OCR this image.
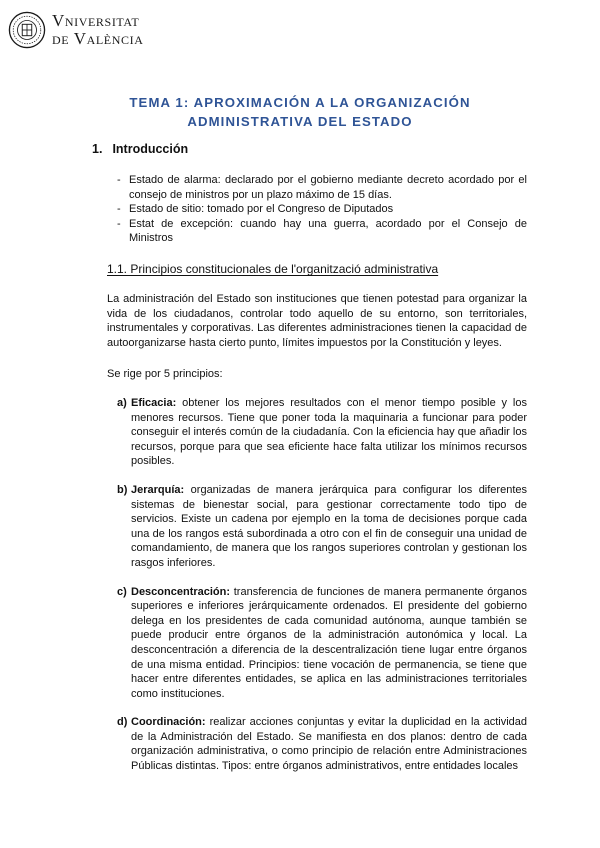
Vniversitat
de València
TEMA 1: APROXIMACIÓN A LA ORGANIZACIÓN
ADMINISTRATIVA DEL ESTADO
1. Introducción
- Estado de alarma: declarado por el gobierno mediante decreto acordado por el consejo de ministros por un plazo máximo de 15 días.
- Estado de sitio: tomado por el Congreso de Diputados
- Estat de excepción: cuando hay una guerra, acordado por el Consejo de Ministros
1.1. Principios constitucionales de l'organització administrativa
La administración del Estado son instituciones que tienen potestad para organizar la vida de los ciudadanos, controlar todo aquello de su entorno, son territoriales, instrumentales y corporativas. Las diferentes administraciones tienen la capacidad de autoorganizarse hasta cierto punto, límites impuestos por la Constitución y leyes.
Se rige por 5 principios:
a) Eficacia: obtener los mejores resultados con el menor tiempo posible y los menores recursos. Tiene que poner toda la maquinaria a funcionar para poder conseguir el interés común de la ciudadanía. Con la eficiencia hay que añadir los recursos, porque para que sea eficiente hace falta utilizar los mínimos recursos posibles.
b) Jerarquía: organizadas de manera jerárquica para configurar los diferentes sistemas de bienestar social, para gestionar correctamente todo tipo de servicios. Existe un cadena por ejemplo en la toma de decisiones porque cada una de los rangos está subordinada a otro con el fin de conseguir una unidad de comandamiento, de manera que los rangos superiores controlan y gestionan los rasgos inferiores.
c) Desconcentración: transferencia de funciones de manera permanente órganos superiores e inferiores jerárquicamente ordenados. El presidente del gobierno delega en los presidentes de cada comunidad autónoma, aunque también se puede producir entre órganos de la administración autonómica y local. La desconcentración a diferencia de la descentralización tiene lugar entre órganos de una misma entidad. Principios: tiene vocación de permanencia, se tiene que hacer entre diferentes entidades, se aplica en las administraciones territoriales como instituciones.
d) Coordinación: realizar acciones conjuntas y evitar la duplicidad en la actividad de la Administración del Estado. Se manifiesta en dos planos: dentro de cada organización administrativa, o como principio de relación entre Administraciones Públicas distintas. Tipos: entre órganos administrativos, entre entidades locales
